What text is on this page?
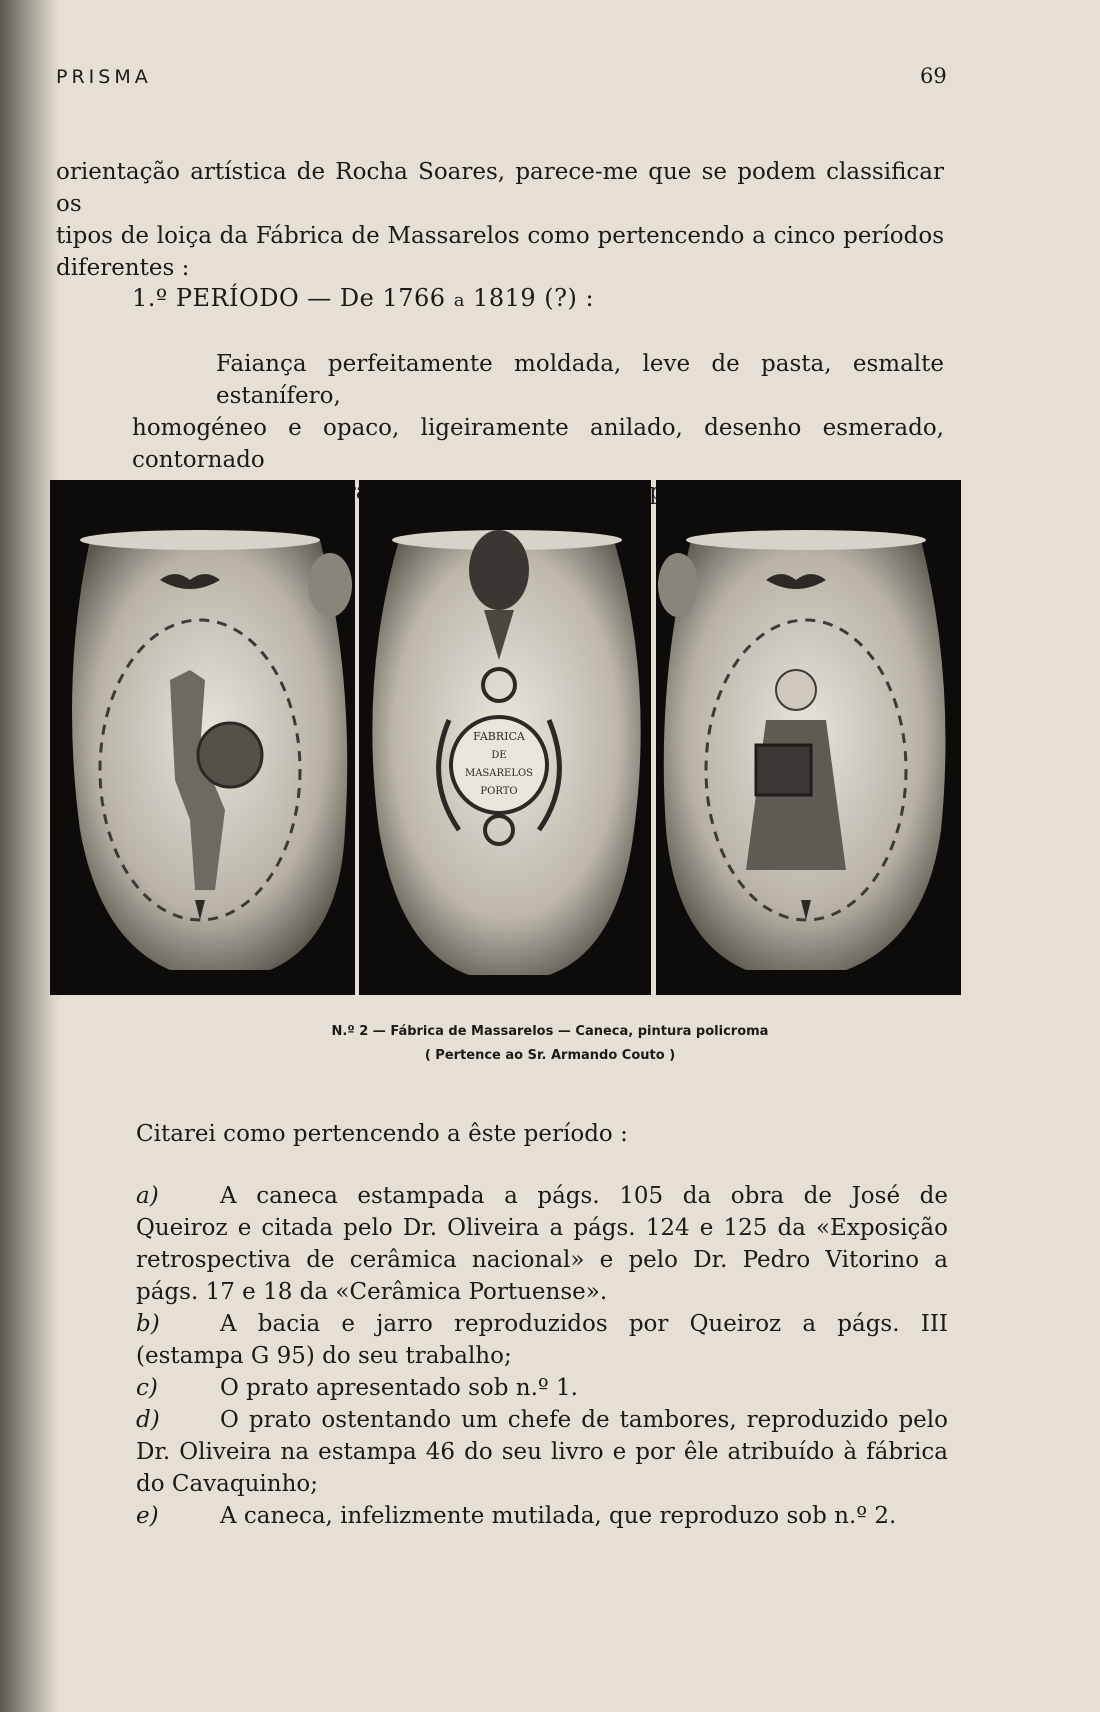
PRISMA	69
orientação artística de Rocha Soares, parece-me que se podem classificar os
tipos de loiça da Fábrica de Massarelos como pertencendo a cinco períodos
diferentes :
1.º PERÍODO — De 1766 a 1819 (?) :
Faiança perfeitamente moldada, leve de pasta, esmalte estanífero,
homogéneo e opaco, ligeiramente anilado, desenho esmerado, contornado
FABRICA
DE
MASARELOS
PORTO
N.º 2 — Fábrica de Massarelos — Caneca, pintura policroma
( Pertence ao Sr. Armando Couto )
Citarei como pertencendo a êste período :
a)	A caneca estampada a págs. 105 da obra de José de
Queiroz e citada pelo Dr. Oliveira a págs. 124 e 125 da «Exposição
retrospectiva de cerâmica nacional» e pelo Dr. Pedro Vitorino a
págs. 17 e 18 da «Cerâmica Portuense».
b)	A bacia e jarro reproduzidos por Queiroz a págs. III
(estampa G 95) do seu trabalho;
c)	O prato apresentado sob n.º 1.
d)	O prato ostentando um chefe de tambores, reproduzido pelo
Dr. Oliveira na estampa 46 do seu livro e por êle atribuído à fábrica
do Cavaquinho;
e)	A caneca, infelizmente mutilada, que reproduzo sob n.º 2.
